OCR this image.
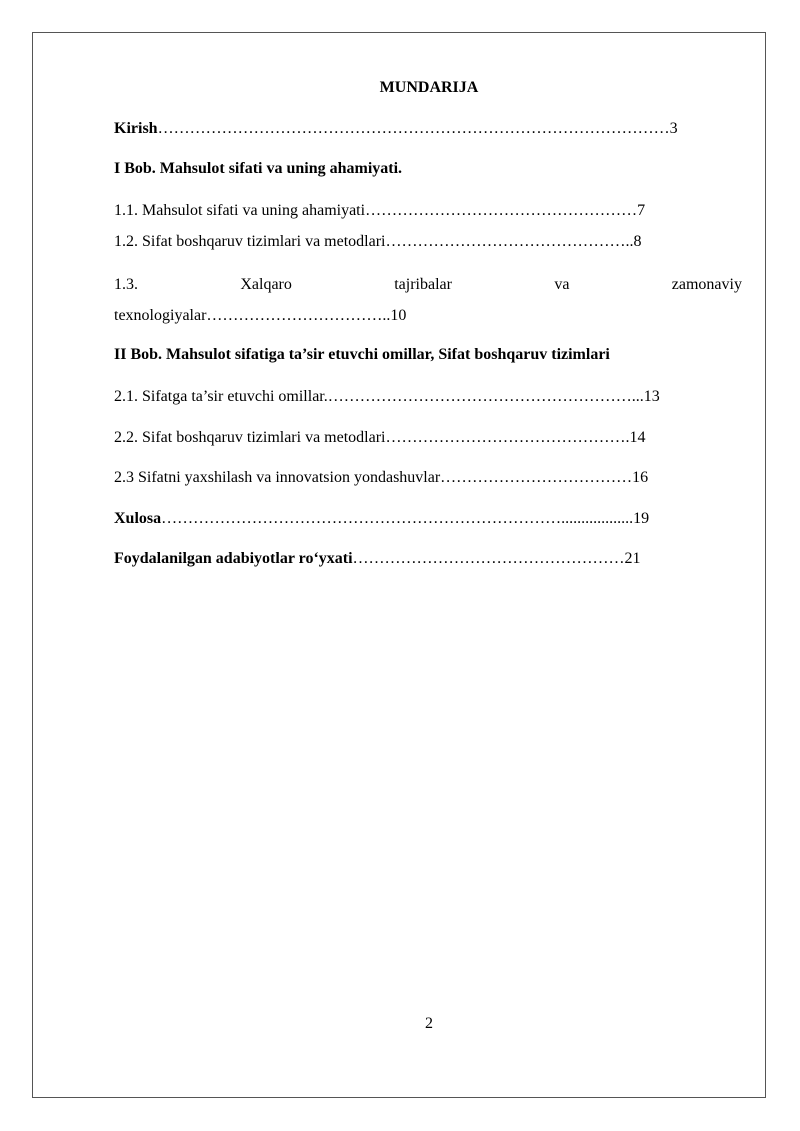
MUNDARIJA
Kirish……………………………………………………………………………………3
I Bob. Mahsulot sifati va uning ahamiyati.
1.1. Mahsulot sifati va uning ahamiyati……………………………………………7
1.2. Sifat boshqaruv tizimlari va metodlari………………………………………..8
1.3.	Xalqaro	tajribalar	va	zamonaviy
texnologiyalar……………………………..10
II Bob. Mahsulot sifatiga ta’sir etuvchi omillar, Sifat boshqaruv tizimlari
2.1. Sifatga ta’sir etuvchi omillar.…………………………………………………...13
2.2. Sifat boshqaruv tizimlari va metodlari……………………………………….14
2.3 Sifatni yaxshilash va innovatsion yondashuvlar………………………………16
Xulosa…………………………………………………………………..................19
Foydalanilgan adabiyotlar ro‘yxati……………………………………………21
2
